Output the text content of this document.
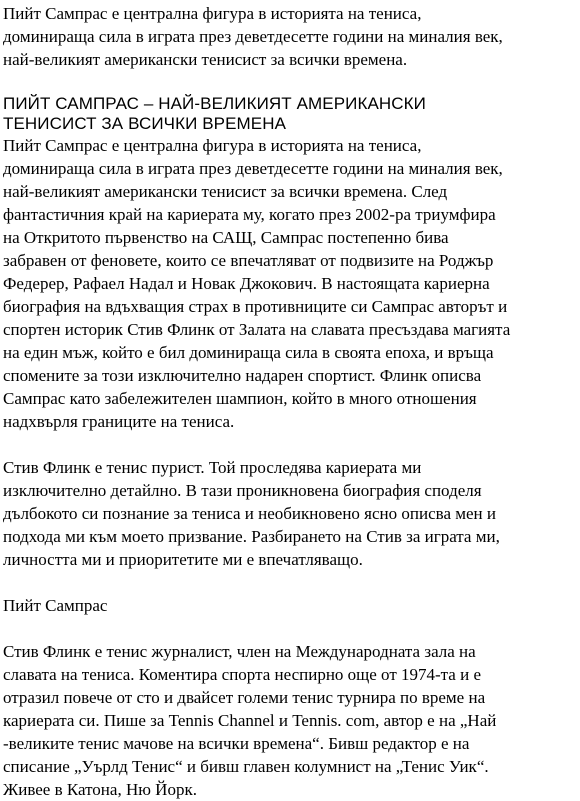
Пийт Сампрас е централна фигура в историята на тениса,
доминираща сила в играта през деветдесетте години на миналия век,
най-великият американски тенисист за всички времена.

ПИЙТ САМПРАС – НАЙ-ВЕЛИКИЯТ АМЕРИКАНСКИ
ТЕНИСИСТ ЗА ВСИЧКИ ВРЕМЕНА

Пийт Сампрас е централна фигура в историята на тениса,
доминираща сила в играта през деветдесетте години на миналия век,
най-великият американски тенисист за всички времена. След
фантастичния край на кариерата му, когато през 2002-ра триумфира
на Откритото първенство на САЩ, Сампрас постепенно бива
забравен от феновете, които се впечатляват от подвизите на Роджър
Федерер, Рафаел Надал и Новак Джокович. В настоящата кариерна
биография на вдъхващия страх в противниците си Сампрас авторът и
спортен историк Стив Флинк от Залата на славата пресъздава магията
на един мъж, който е бил доминираща сила в своята епоха, и връща
спомените за този изключително надарен спортист. Флинк описва
Сампрас като забележителен шампион, който в много отношения
надхвърля границите на тениса.

Стив Флинк е тенис пурист. Той проследява кариерата ми
изключително детайлно. В тази проникновена биография споделя
дълбокото си познание за тениса и необикновено ясно описва мен и
подхода ми към моето призвание. Разбирането на Стив за играта ми,
личността ми и приоритетите ми е впечатляващо.

Пийт Сампрас

Стив Флинк е тенис журналист, член на Международната зала на
славата на тениса. Коментира спорта неспирно още от 1974-та и е
отразил повече от сто и двайсет големи тенис турнира по време на
кариерата си. Пише за Tennis Channel и Tennis. com, автор е на „Най
-великите тенис мачове на всички времена“. Бивш редактор е на
списание „Уърлд Тенис“ и бивш главен колумнист на „Тенис Уик“.
Живее в Катона, Ню Йорк.
